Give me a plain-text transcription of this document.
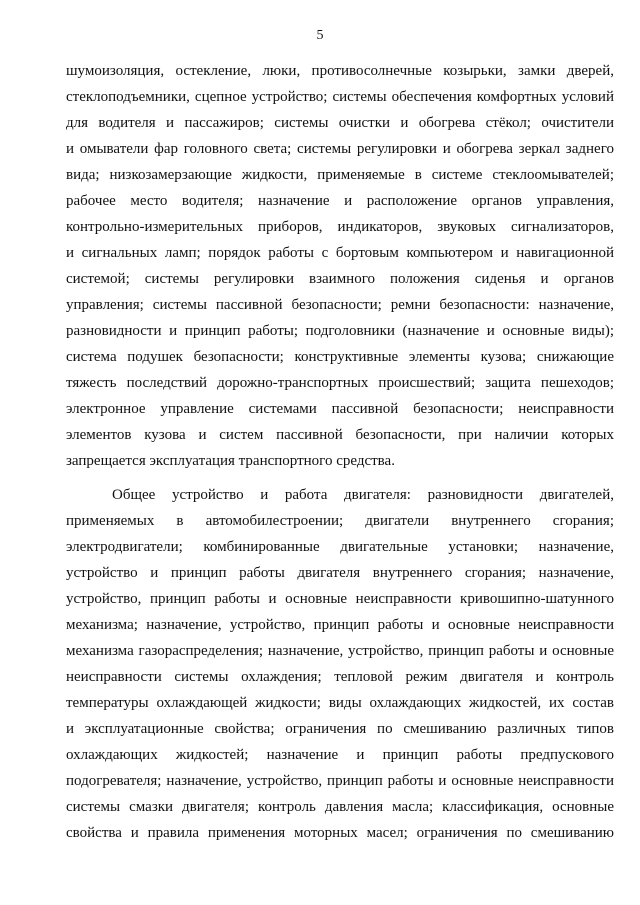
5
шумоизоляция, остекление, люки, противосолнечные козырьки, замки дверей,
стеклоподъемники, сцепное устройство; системы обеспечения комфортных условий
для водителя и пассажиров; системы очистки и обогрева стёкол; очистители
и омыватели фар головного света; системы регулировки и обогрева зеркал заднего
вида; низкозамерзающие жидкости, применяемые в системе стеклоомывателей;
рабочее место водителя; назначение и расположение органов управления,
контрольно-измерительных приборов, индикаторов, звуковых сигнализаторов,
и сигнальных ламп; порядок работы с бортовым компьютером и навигационной
системой; системы регулировки взаимного положения сиденья и органов
управления; системы пассивной безопасности; ремни безопасности: назначение,
разновидности и принцип работы; подголовники (назначение и основные виды);
система подушек безопасности; конструктивные элементы кузова; снижающие
тяжесть последствий дорожно-транспортных происшествий; защита пешеходов;
электронное управление системами пассивной безопасности; неисправности
элементов кузова и систем пассивной безопасности, при наличии которых
запрещается эксплуатация транспортного средства.
Общее устройство и работа двигателя: разновидности двигателей,
применяемых в автомобилестроении; двигатели внутреннего сгорания;
электродвигатели; комбинированные двигательные установки; назначение,
устройство и принцип работы двигателя внутреннего сгорания; назначение,
устройство, принцип работы и основные неисправности кривошипно-шатунного
механизма; назначение, устройство, принцип работы и основные неисправности
механизма газораспределения; назначение, устройство, принцип работы и основные
неисправности системы охлаждения; тепловой режим двигателя и контроль
температуры охлаждающей жидкости; виды охлаждающих жидкостей, их состав
и эксплуатационные свойства; ограничения по смешиванию различных типов
охлаждающих жидкостей; назначение и принцип работы предпускового
подогревателя; назначение, устройство, принцип работы и основные неисправности
системы смазки двигателя; контроль давления масла; классификация, основные
свойства и правила применения моторных масел; ограничения по смешиванию
